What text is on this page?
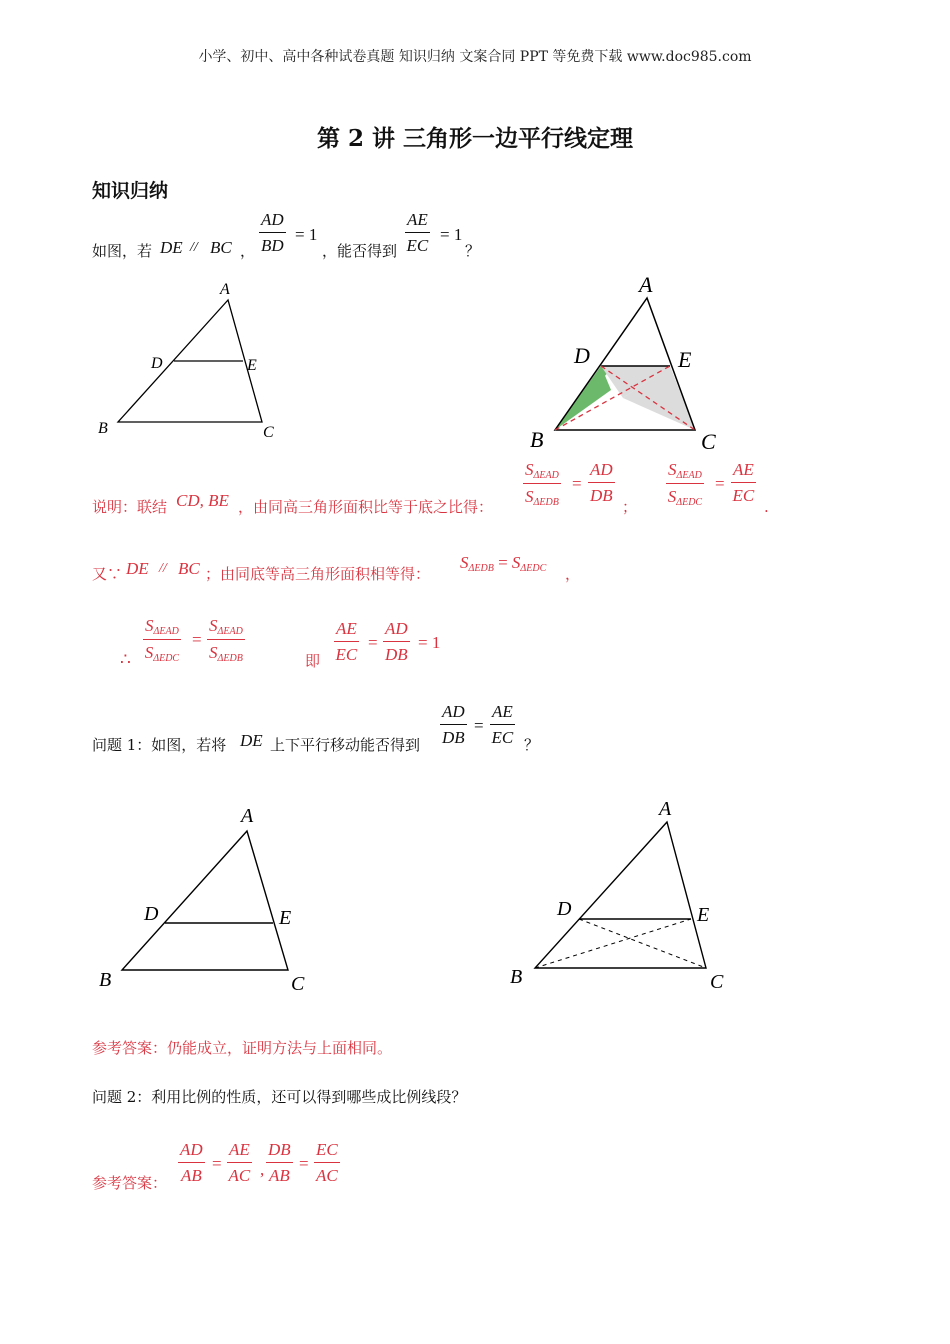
小学、初中、高中各种试卷真题 知识归纳 文案合同 PPT 等免费下载 www.doc985.com
第 2 讲 三角形一边平行线定理
知识归纳
如图，若 DE // BC ， $\frac{AD}{BD} = 1$
，能否得到 $\frac{AE}{EC} = 1$
？
A
D	E
B	C
A
D	E
B	C
说明：联结 CD, BE ，由同高三角形面积比等于底之比得：
$S_{\Delta EAD}$
$S_{\Delta EDB}$
= $\frac{AD}{DB}$
；
$S_{\Delta EAD}$
$S_{\Delta EDC}$
= $\frac{AE}{EC}$
.
又∵ DE // BC ；由同底等高三角形面积相等得：
$S_{\Delta EDB} = S_{\Delta EDC}$ ，
∴
$S_{\Delta EAD}$
$S_{\Delta EDC}$
=
$S_{\Delta EAD}$
$S_{\Delta EDB}$	即 $\frac{AE}{EC} = \frac{AD}{DB} = 1$
问题 1：如图，若将 DE 上下平行移动能否得到 $\frac{AD}{DB} = \frac{AE}{EC}$ ？
A
D	E
B	C
A
D	E
B	C
参考答案：仍能成立，证明方法与上面相同。
问题 2：利用比例的性质，还可以得到哪些成比例线段？
参考答案： $\frac{AD}{AB} = \frac{AE}{AC}$ , $\frac{DB}{AB} = \frac{EC}{AC}$
